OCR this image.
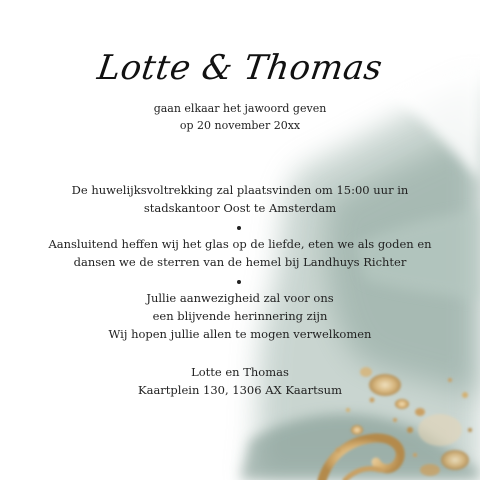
Lotte & Thomas
gaan elkaar het jawoord geven
op 20 november 20xx
De huwelijksvoltrekking zal plaatsvinden om 15:00 uur in
stadskantoor Oost te Amsterdam
Aansluitend heffen wij het glas op de liefde, eten we als goden en
dansen we de sterren van de hemel bij Landhuys Richter
Jullie aanwezigheid zal voor ons
een blijvende herinnering zijn
Wij hopen jullie allen te mogen verwelkomen
Lotte en Thomas
Kaartplein 130, 1306 AX Kaartsum
